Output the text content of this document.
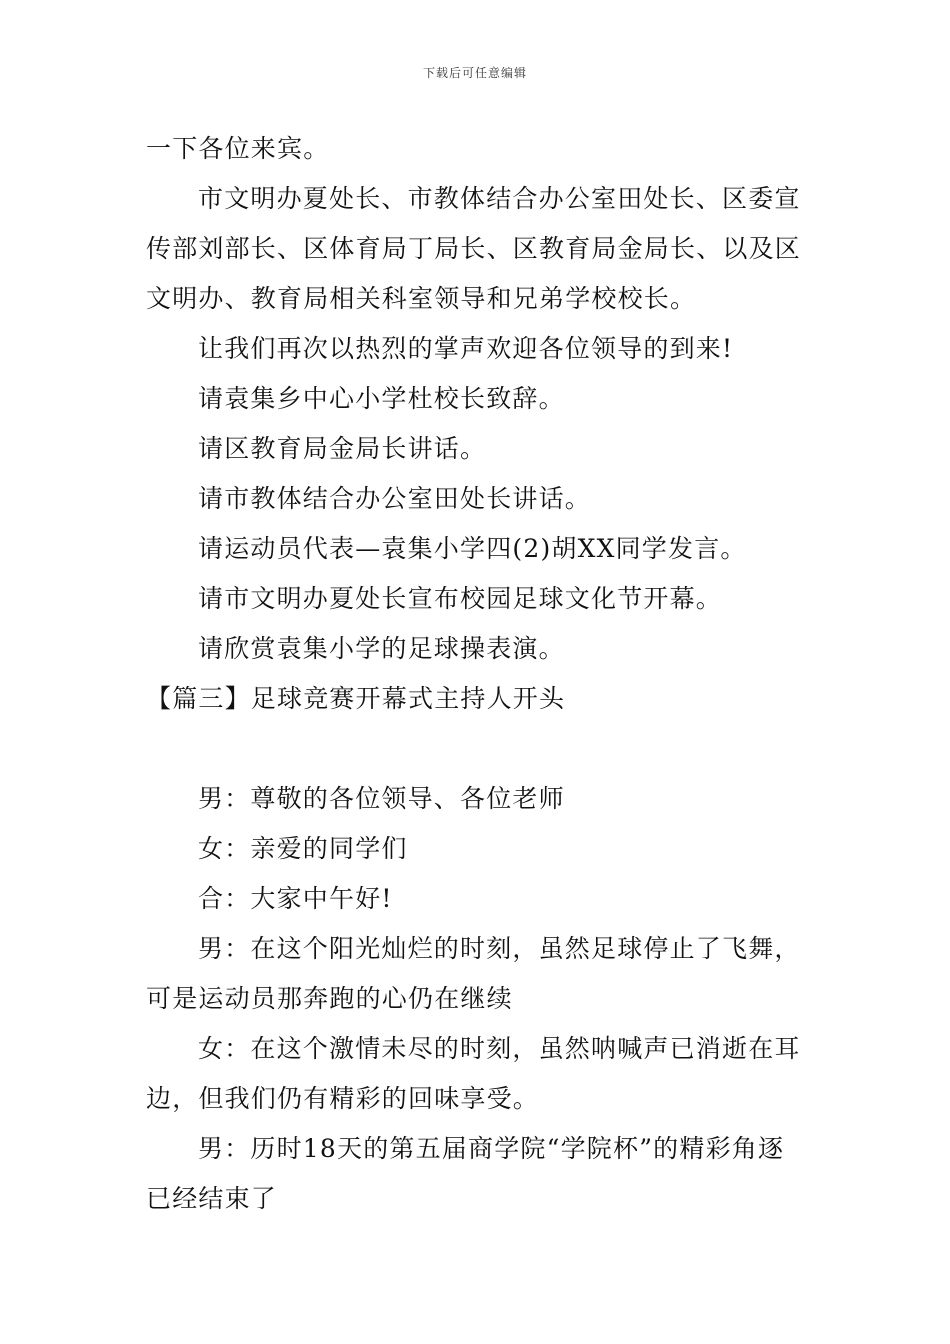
下载后可任意编辑
一下各位来宾。
市文明办夏处长、市教体结合办公室田处长、区委宣
传部刘部长、区体育局丁局长、区教育局金局长、以及区
文明办、教育局相关科室领导和兄弟学校校长。
让我们再次以热烈的掌声欢迎各位领导的到来!
请袁集乡中心小学杜校长致辞。
请区教育局金局长讲话。
请市教体结合办公室田处长讲话。
请运动员代表—袁集小学四(2)胡XX同学发言。
请市文明办夏处长宣布校园足球文化节开幕。
请欣赏袁集小学的足球操表演。
【篇三】足球竞赛开幕式主持人开头
男：尊敬的各位领导、各位老师
女：亲爱的同学们
合：大家中午好!
男：在这个阳光灿烂的时刻，虽然足球停止了飞舞，
可是运动员那奔跑的心仍在继续
女：在这个激情未尽的时刻，虽然呐喊声已消逝在耳
边，但我们仍有精彩的回味享受。
男：历时18天的第五届商学院“学院杯”的精彩角逐
已经结束了
